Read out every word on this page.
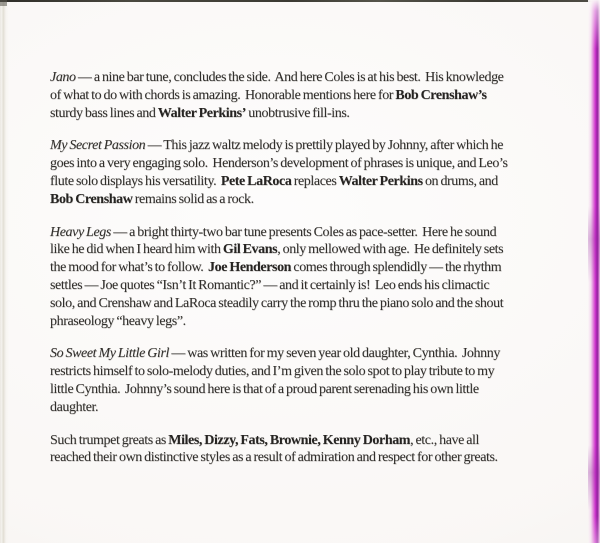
Jano — a nine bar tune, concludes the side.  And here Coles is at his best.  His knowledge
of what to do with chords is amazing.  Honorable mentions here for Bob Crenshaw’s
sturdy bass lines and Walter Perkins’ unobtrusive fill-ins.

My Secret Passion — This jazz waltz melody is prettily played by Johnny, after which he
goes into a very engaging solo.  Henderson’s development of phrases is unique, and Leo’s
flute solo displays his versatility.  Pete LaRoca replaces Walter Perkins on drums, and
Bob Crenshaw remains solid as a rock.

Heavy Legs — a bright thirty-two bar tune presents Coles as pace-setter.  Here he sound
like he did when I heard him with Gil Evans, only mellowed with age.  He definitely sets
the mood for what’s to follow.  Joe Henderson comes through splendidly — the rhythm
settles — Joe quotes “Isn’t It Romantic?” — and it certainly is!  Leo ends his climactic
solo, and Crenshaw and LaRoca steadily carry the romp thru the piano solo and the shout
phraseology “heavy legs”.

So Sweet My Little Girl — was written for my seven year old daughter, Cynthia.  Johnny
restricts himself to solo-melody duties, and I’m given the solo spot to play tribute to my
little Cynthia.  Johnny’s sound here is that of a proud parent serenading his own little
daughter.

Such trumpet greats as Miles, Dizzy, Fats, Brownie, Kenny Dorham, etc., have all
reached their own distinctive styles as a result of admiration and respect for other greats.
